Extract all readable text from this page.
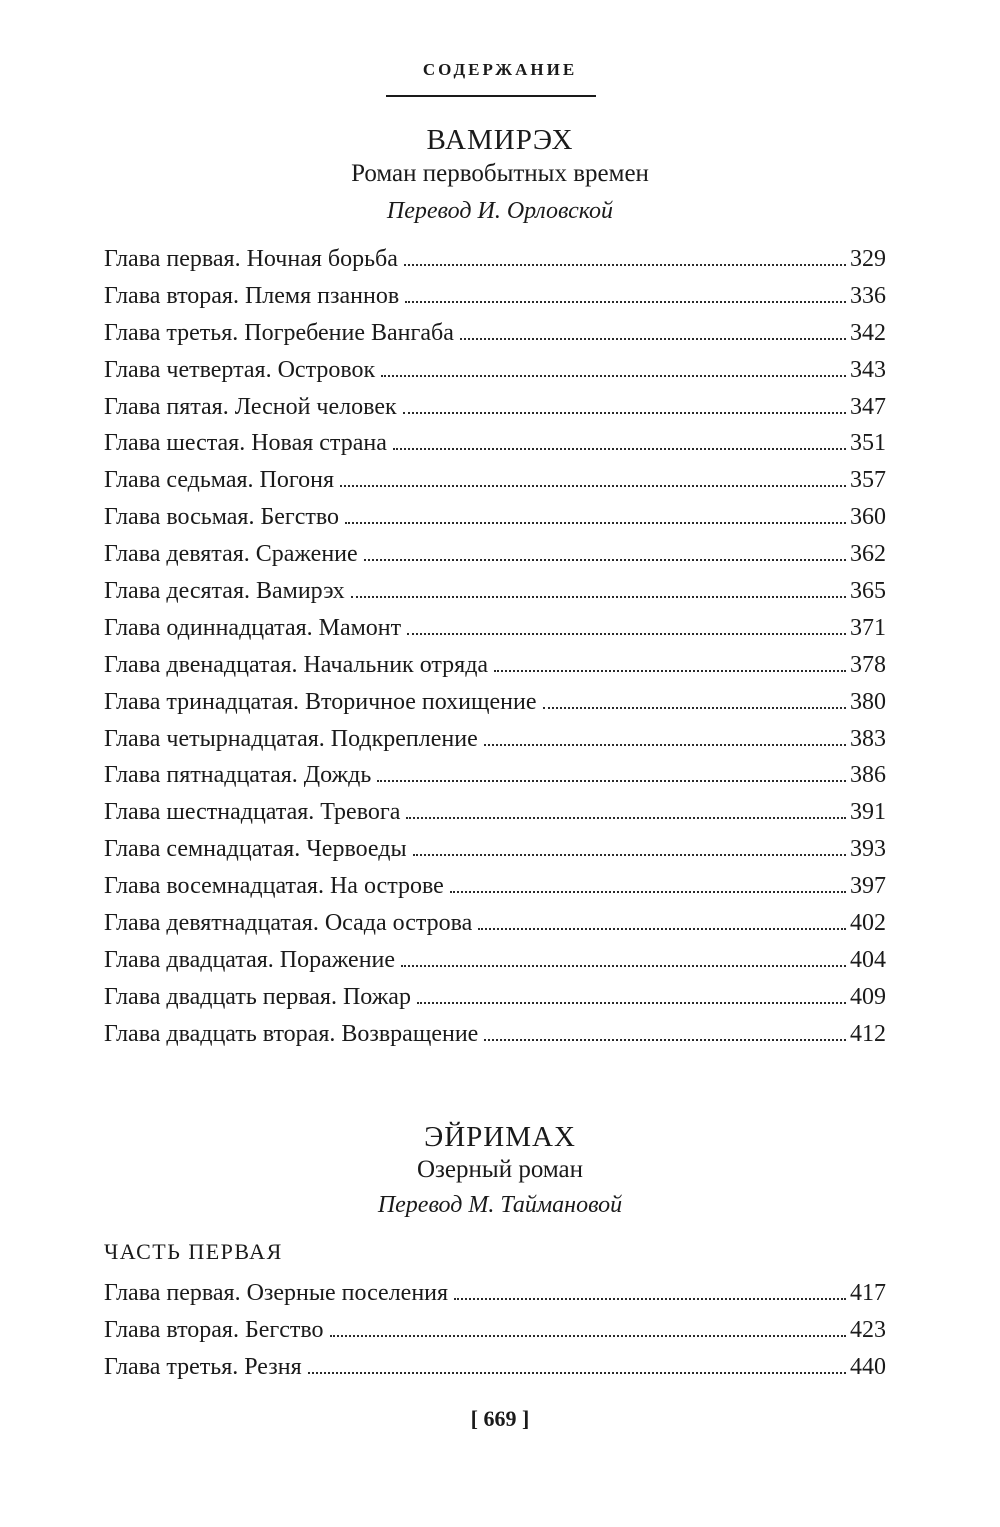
СОДЕРЖАНИЕ
ВАМИРЭХ
Роман первобытных времен
Перевод И. Орловской
Глава первая. Ночная борьба	329
Глава вторая. Племя пзаннов	336
Глава третья. Погребение Вангаба	342
Глава четвертая. Островок	343
Глава пятая. Лесной человек	347
Глава шестая. Новая страна	351
Глава седьмая. Погоня	357
Глава восьмая. Бегство	360
Глава девятая. Сражение	362
Глава десятая. Вамирэх	365
Глава одиннадцатая. Мамонт	371
Глава двенадцатая. Начальник отряда	378
Глава тринадцатая. Вторичное похищение	380
Глава четырнадцатая. Подкрепление	383
Глава пятнадцатая. Дождь	386
Глава шестнадцатая. Тревога	391
Глава семнадцатая. Червоеды	393
Глава восемнадцатая. На острове	397
Глава девятнадцатая. Осада острова	402
Глава двадцатая. Поражение	404
Глава двадцать первая. Пожар	409
Глава двадцать вторая. Возвращение	412
ЭЙРИМАХ
Озерный роман
Перевод М. Таймановой
ЧАСТЬ ПЕРВАЯ
Глава первая. Озерные поселения	417
Глава вторая. Бегство	423
Глава третья. Резня	440
[ 669 ]
